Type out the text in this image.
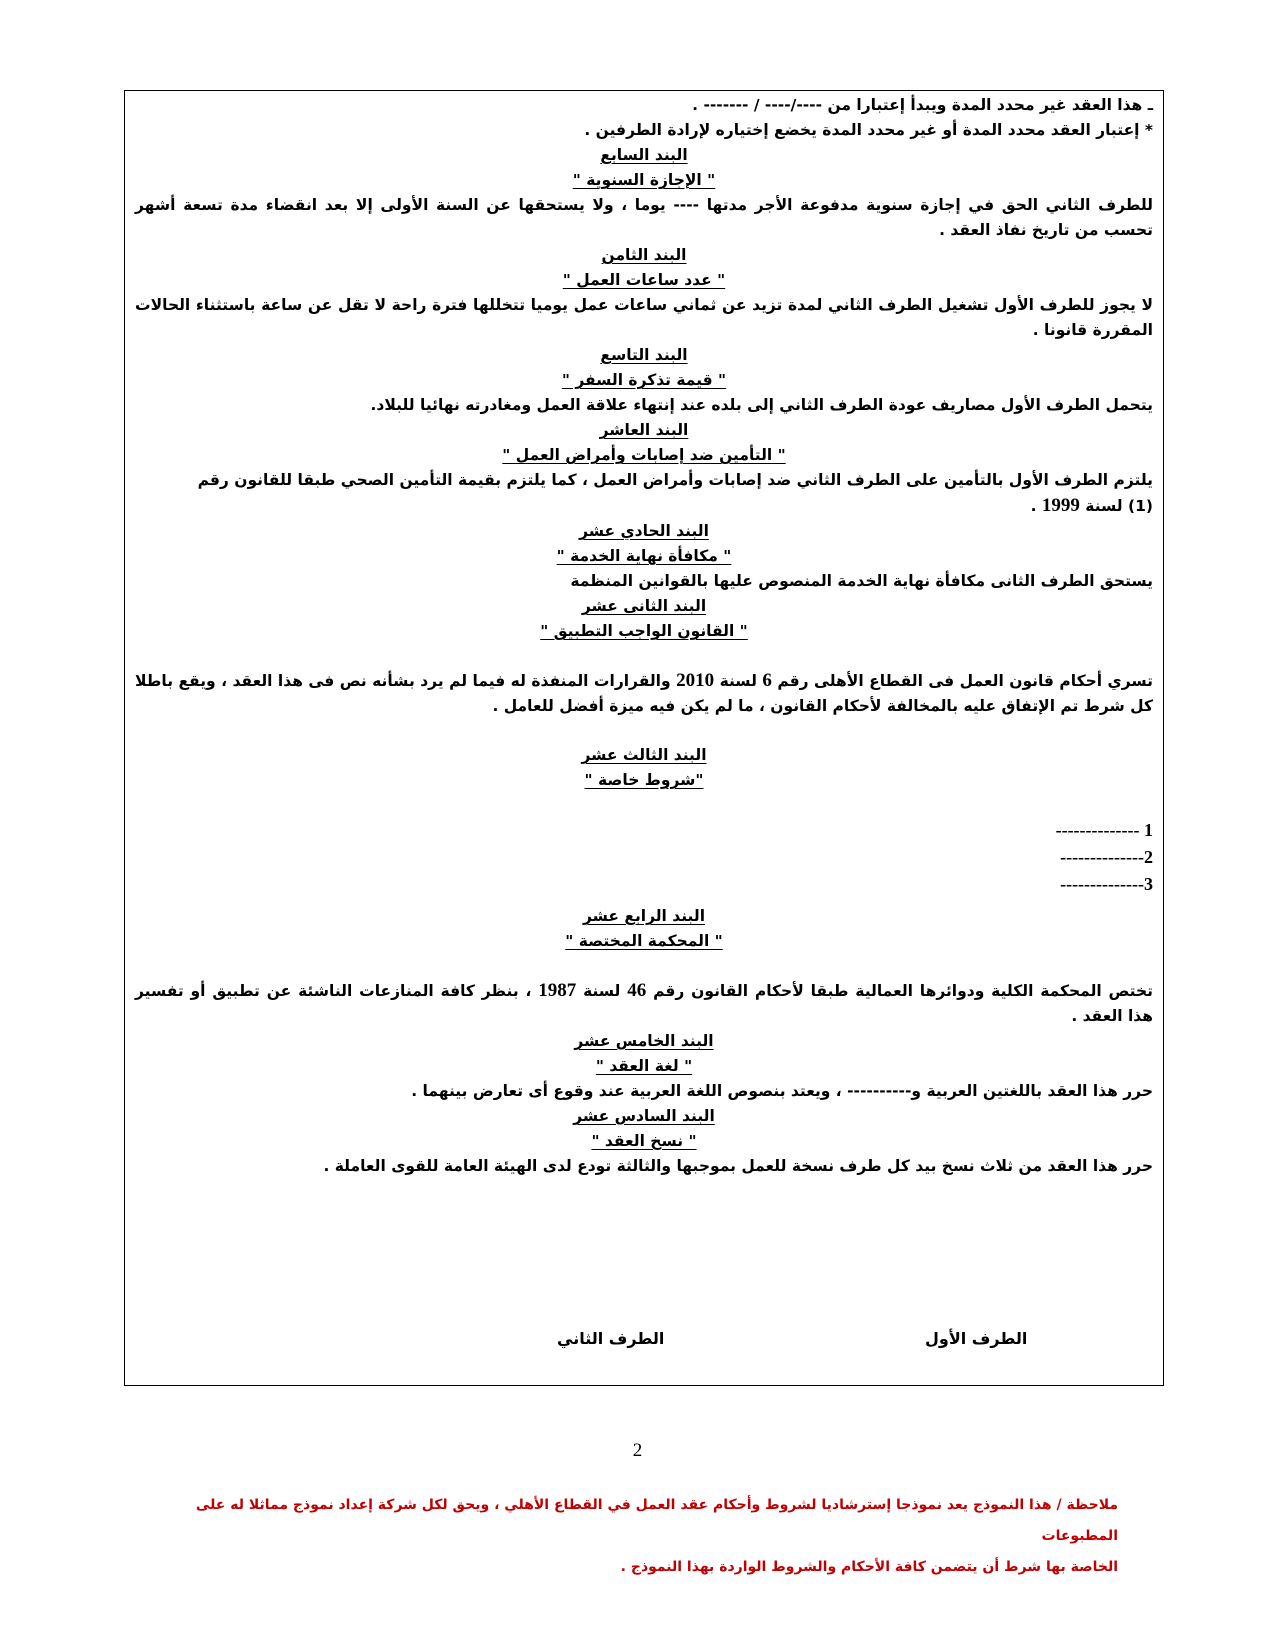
ـ هذا العقد غير محدد المدة ويبدأ إعتبارا من ----/---- / ------- .
* إعتبار العقد محدد المدة أو غير محدد المدة يخضع إختياره لإرادة الطرفين .
البند السابع
" الإجازة السنوية "
للطرف الثاني الحق في إجازة سنوية مدفوعة الأجر مدتها ---- يوما ، ولا يستحقها عن السنة الأولى إلا بعد انقضاء مدة تسعة أشهر تحسب من تاريخ نفاذ العقد .
البند الثامن
" عدد ساعات العمل "
لا يجوز للطرف الأول تشغيل الطرف الثاني لمدة تزيد عن ثماني ساعات عمل يوميا تتخللها فترة راحة لا تقل عن ساعة باستثناء الحالات المقررة قانونا .
البند التاسع
" قيمة تذكرة السفر "
يتحمل الطرف الأول مصاريف عودة الطرف الثاني إلى بلده عند إنتهاء علاقة العمل ومغادرته نهائيا للبلاد.
البند العاشر
" التأمين ضد إصابات وأمراض العمل "
يلتزم الطرف الأول بالتأمين على الطرف الثاني ضد إصابات وأمراض العمل ، كما يلتزم بقيمة التأمين الصحي طبقا للقانون رقم
(1) لسنة 1999 .
البند الحادي عشر
" مكافأة نهاية الخدمة "
يستحق الطرف الثانى مكافأة نهاية الخدمة المنصوص عليها بالقوانين المنظمة
البند الثانى عشر
" القانون الواجب التطبيق "
تسري أحكام قانون العمل فى القطاع الأهلى رقم 6 لسنة 2010 والقرارات المنفذة له فيما لم يرد بشأنه نص فى هذا العقد ، ويقع باطلا كل شرط تم الإتفاق عليه بالمخالفة لأحكام القانون ، ما لم يكن فيه ميزة أفضل للعامل .
البند الثالث عشر
"شروط خاصة "
1 --------------
2--------------
3--------------
البند الرابع عشر
" المحكمة المختصة "
تختص المحكمة الكلية ودوائرها العمالية طبقا لأحكام القانون رقم 46 لسنة 1987 ، بنظر كافة المنازعات الناشئة عن تطبيق أو تفسير هذا العقد .
البند الخامس عشر
" لغة العقد "
حرر هذا العقد باللغتين العربية و---------- ، ويعتد بنصوص اللغة العربية عند وقوع أى تعارض بينهما .
البند السادس عشر
" نسخ العقد "
حرر هذا العقد من ثلاث نسخ بيد كل طرف نسخة للعمل بموجبها والثالثة تودع لدى الهيئة العامة للقوى العاملة .
الطرف الأول
الطرف الثاني
2
ملاحظة / هذا النموذج يعد نموذجا إسترشاديا لشروط وأحكام عقد العمل في القطاع الأهلي ، ويحق لكل شركة إعداد نموذج مماثلا له على المطبوعات
الخاصة بها شرط أن يتضمن كافة الأحكام والشروط الواردة بهذا النموذج .
